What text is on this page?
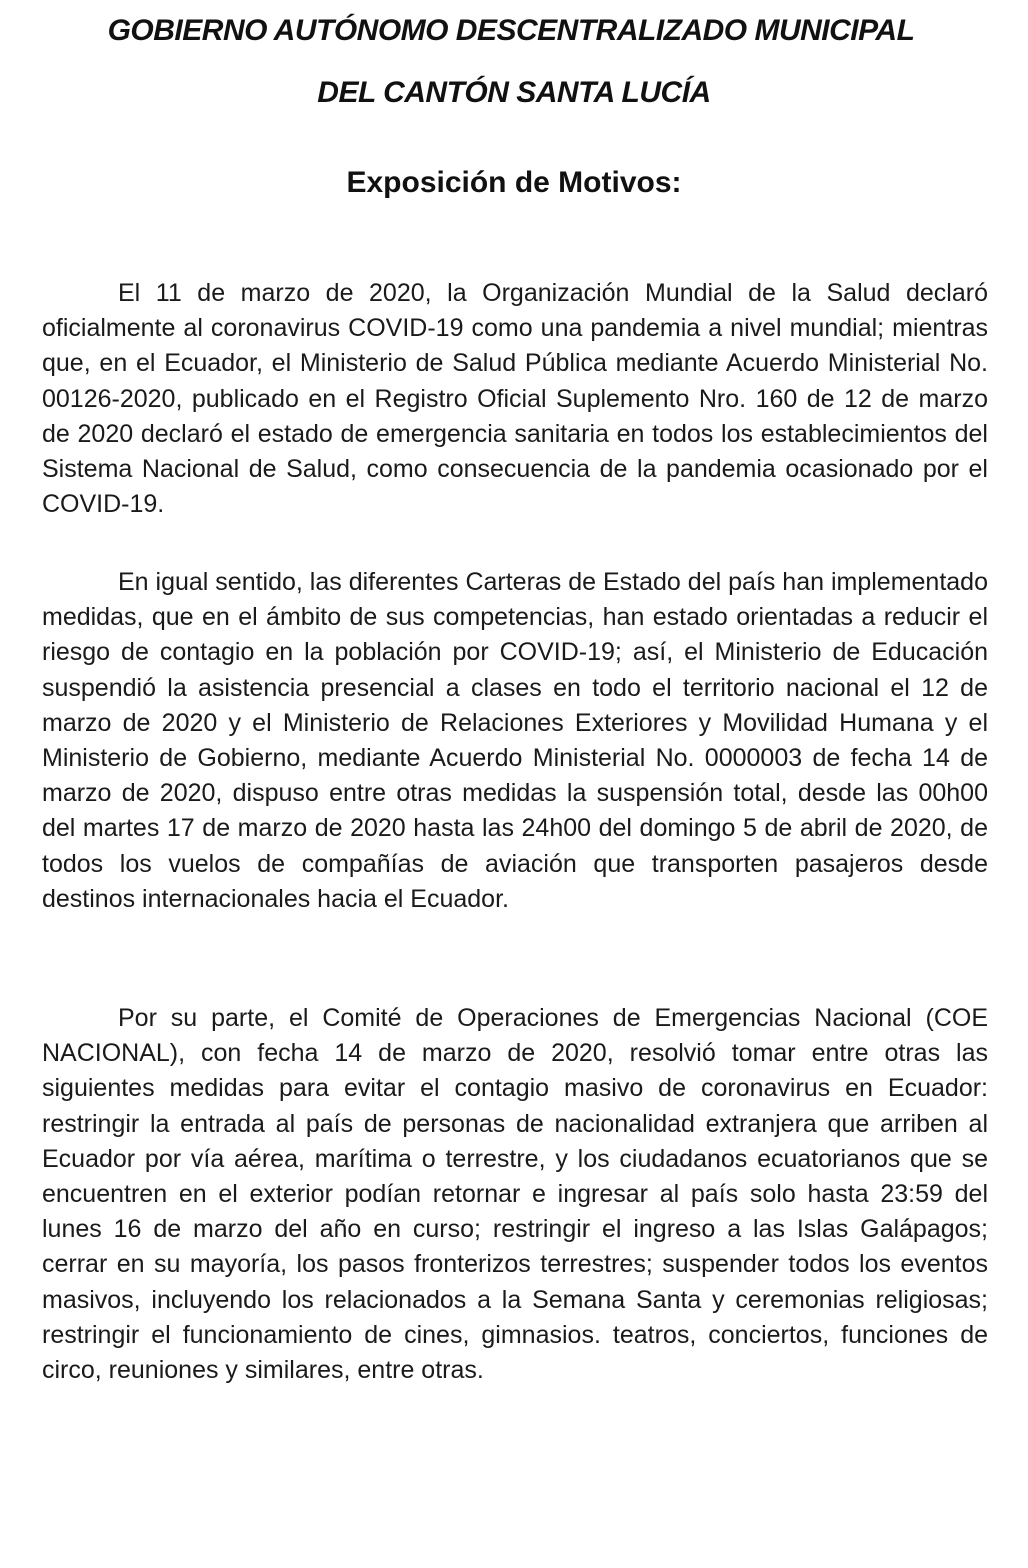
GOBIERNO AUTÓNOMO DESCENTRALIZADO MUNICIPAL
DEL CANTÓN SANTA LUCÍA
Exposición de Motivos:

El 11 de marzo de 2020, la Organización Mundial de la Salud declaró oficialmente al coronavirus COVID-19 como una pandemia a nivel mundial; mientras que, en el Ecuador, el Ministerio de Salud Pública mediante Acuerdo Ministerial No. 00126-2020, publicado en el Registro Oficial Suplemento Nro. 160 de 12 de marzo de 2020 declaró el estado de emergencia sanitaria en todos los establecimientos del Sistema Nacional de Salud, como consecuencia de la pandemia ocasionado por el COVID-19.

En igual sentido, las diferentes Carteras de Estado del país han implementado medidas, que en el ámbito de sus competencias, han estado orientadas a reducir el riesgo de contagio en la población por COVID-19; así, el Ministerio de Educación suspendió la asistencia presencial a clases en todo el territorio nacional el 12 de marzo de 2020 y el Ministerio de Relaciones Exteriores y Movilidad Humana y el Ministerio de Gobierno, mediante Acuerdo Ministerial No. 0000003 de fecha 14 de marzo de 2020, dispuso entre otras medidas la suspensión total, desde las 00h00 del martes 17 de marzo de 2020 hasta las 24h00 del domingo 5 de abril de 2020, de todos los vuelos de compañías de aviación que transporten pasajeros desde destinos internacionales hacia el Ecuador.

Por su parte, el Comité de Operaciones de Emergencias Nacional (COE NACIONAL), con fecha 14 de marzo de 2020, resolvió tomar entre otras las siguientes medidas para evitar el contagio masivo de coronavirus en Ecuador: restringir la entrada al país de personas de nacionalidad extranjera que arriben al Ecuador por vía aérea, marítima o terrestre, y los ciudadanos ecuatorianos que se encuentren en el exterior podían retornar e ingresar al país solo hasta 23:59 del lunes 16 de marzo del año en curso; restringir el ingreso a las Islas Galápagos; cerrar en su mayoría, los pasos fronterizos terrestres; suspender todos los eventos masivos, incluyendo los relacionados a la Semana Santa y ceremonias religiosas; restringir el funcionamiento de cines, gimnasios. teatros, conciertos, funciones de circo, reuniones y similares, entre otras.
